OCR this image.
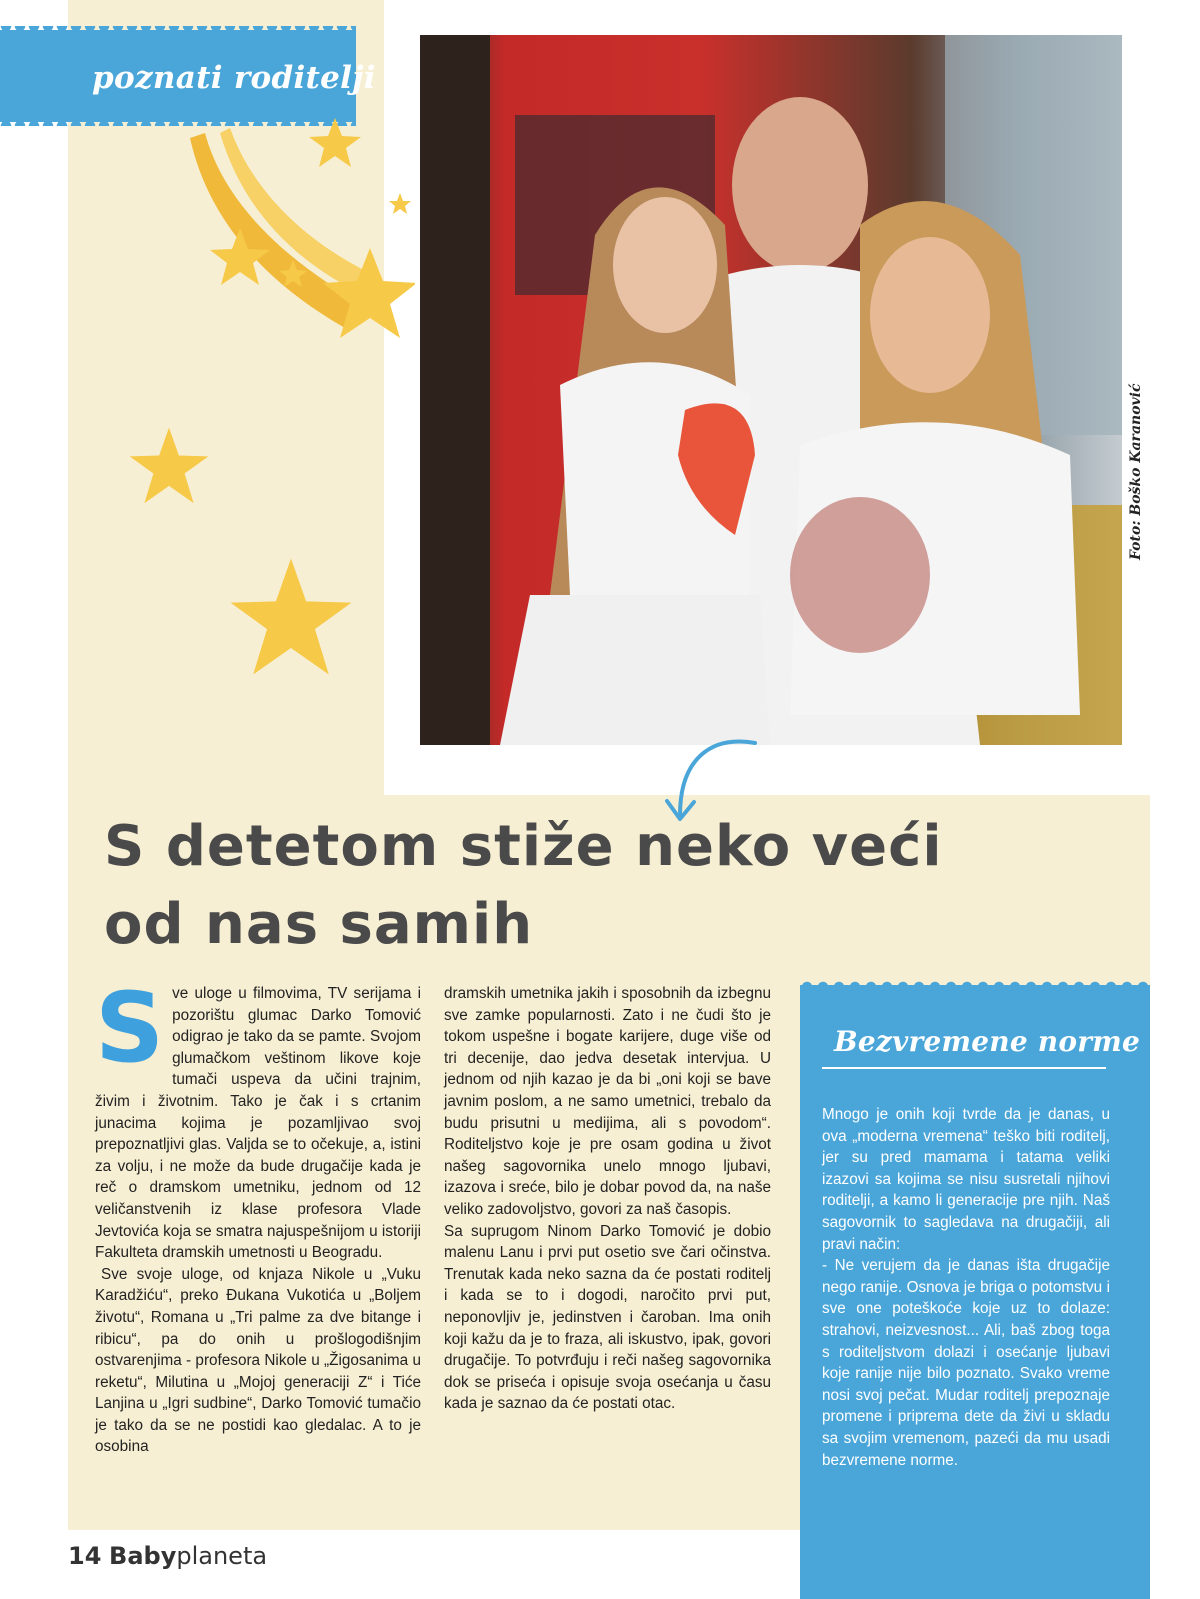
poznati roditelji
Foto: Boško Karanović
S detetom stiže neko veći
od nas samih
S ve uloge u filmovima, TV serijama i pozorištu glumac Darko Tomović odigrao je tako da se pamte. Svojom glumačkom veštinom likove koje tumači uspeva da učini trajnim, živim i životnim. Tako je čak i s crtanim junacima kojima je pozamljivao svoj prepoznatljivi glas. Valjda se to očekuje, a, istini za volju, i ne može da bude drugačije kada je reč o dramskom umetniku, jednom od 12 veličanstvenih iz klase profesora Vlade Jevtovića koja se smatra najuspešnijom u istoriji Fakulteta dramskih umetnosti u Beogradu.

Sve svoje uloge, od knjaza Nikole u „Vuku Karadžiću“, preko Đukana Vukotića u „Boljem životu“, Romana u „Tri palme za dve bitange i ribicu“, pa do onih u prošlogodišnjim ostvarenjima - profesora Nikole u „Žigosanima u reketu“, Milutina u „Mojoj generaciji Z“ i Tiće Lanjina u „Igri sudbine“, Darko Tomović tumačio je tako da se ne postidi kao gledalac. A to je osobina

dramskih umetnika jakih i sposobnih da izbegnu sve zamke popularnosti. Zato i ne čudi što je tokom uspešne i bogate karijere, duge više od tri decenije, dao jedva desetak intervjua. U jednom od njih kazao je da bi „oni koji se bave javnim poslom, a ne samo umetnici, trebalo da budu prisutni u medijima, ali s povodom“. Roditeljstvo koje je pre osam godina u život našeg sagovornika unelo mnogo ljubavi, izazova i sreće, bilo je dobar povod da, na naše veliko zadovoljstvo, govori za naš časopis.

Sa suprugom Ninom Darko Tomović je dobio malenu Lanu i prvi put osetio sve čari očinstva. Trenutak kada neko sazna da će postati roditelj i kada se to i dogodi, naročito prvi put, neponovljiv je, jedinstven i čaroban. Ima onih koji kažu da je to fraza, ali iskustvo, ipak, govori drugačije. To potvrđuju i reči našeg sagovornika dok se priseća i opisuje svoja osećanja u času kada je saznao da će postati otac.

Bezvremene norme

Mnogo je onih koji tvrde da je danas, u ova „moderna vremena“ teško biti roditelj, jer su pred mamama i tatama veliki izazovi sa kojima se nisu susretali njihovi roditelji, a kamo li generacije pre njih. Naš sagovornik to sagledava na drugačiji, ali pravi način:

- Ne verujem da je danas išta drugačije nego ranije. Osnova je briga o potomstvu i sve one poteškoće koje uz to dolaze: strahovi, neizvesnost... Ali, baš zbog toga s roditeljstvom dolazi i osećanje ljubavi koje ranije nije bilo poznato. Svako vreme nosi svoj pečat. Mudar roditelj prepoznaje promene i priprema dete da živi u skladu sa svojim vremenom, pazeći da mu usadi bezvremene norme.

14 Babyplaneta
